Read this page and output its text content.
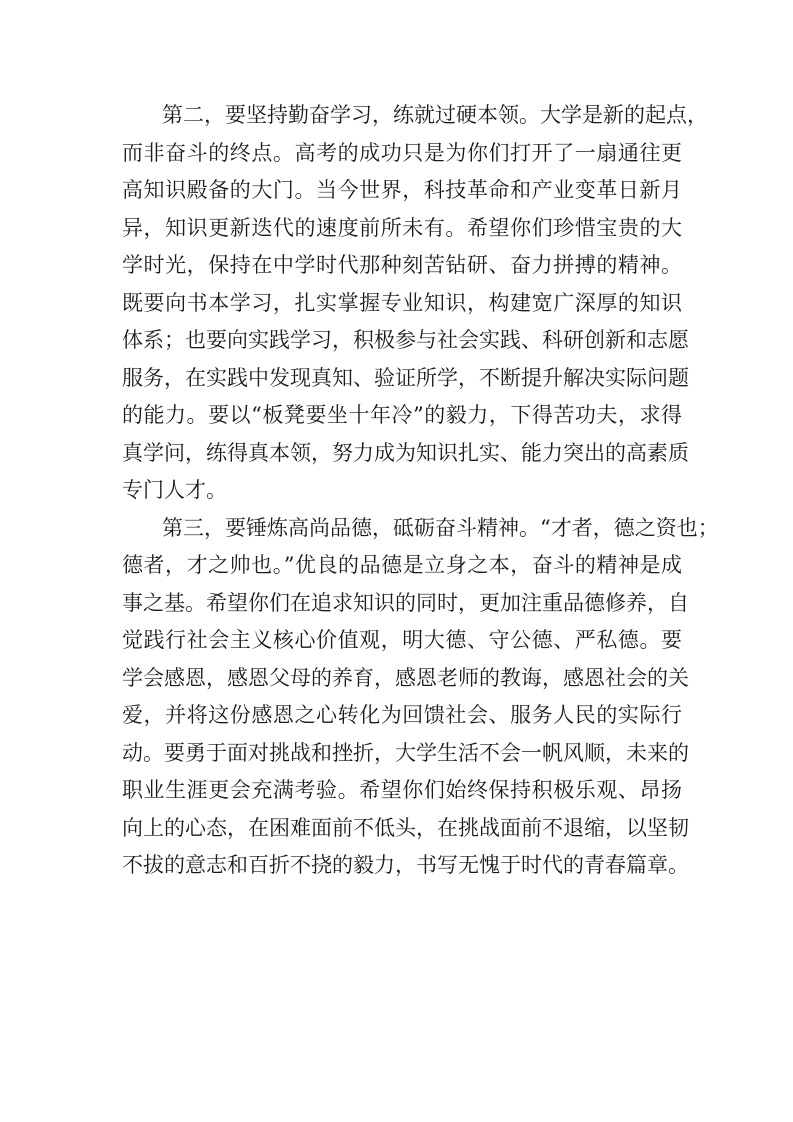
第二，要坚持勤奋学习，练就过硬本领。大学是新的起点，
而非奋斗的终点。高考的成功只是为你们打开了一扇通往更
高知识殿备的大门。当今世界，科技革命和产业变革日新月
异，知识更新迭代的速度前所未有。希望你们珍惜宝贵的大
学时光，保持在中学时代那种刻苦钻研、奋力拼搏的精神。
既要向书本学习，扎实掌握专业知识，构建宽广深厚的知识
体系；也要向实践学习，积极参与社会实践、科研创新和志愿
服务，在实践中发现真知、验证所学，不断提升解决实际问题
的能力。要以“板凳要坐十年冷”的毅力，下得苦功夫，求得
真学问，练得真本领，努力成为知识扎实、能力突出的高素质
专门人才。
第三，要锤炼高尚品德，砥砺奋斗精神。“才者，德之资也；
德者，才之帅也。”优良的品德是立身之本，奋斗的精神是成
事之基。希望你们在追求知识的同时，更加注重品德修养，自
觉践行社会主义核心价值观，明大德、守公德、严私德。要
学会感恩，感恩父母的养育，感恩老师的教诲，感恩社会的关
爱，并将这份感恩之心转化为回馈社会、服务人民的实际行
动。要勇于面对挑战和挫折，大学生活不会一帆风顺，未来的
职业生涯更会充满考验。希望你们始终保持积极乐观、昂扬
向上的心态，在困难面前不低头，在挑战面前不退缩，以坚韧
不拔的意志和百折不挠的毅力，书写无愧于时代的青春篇章。
